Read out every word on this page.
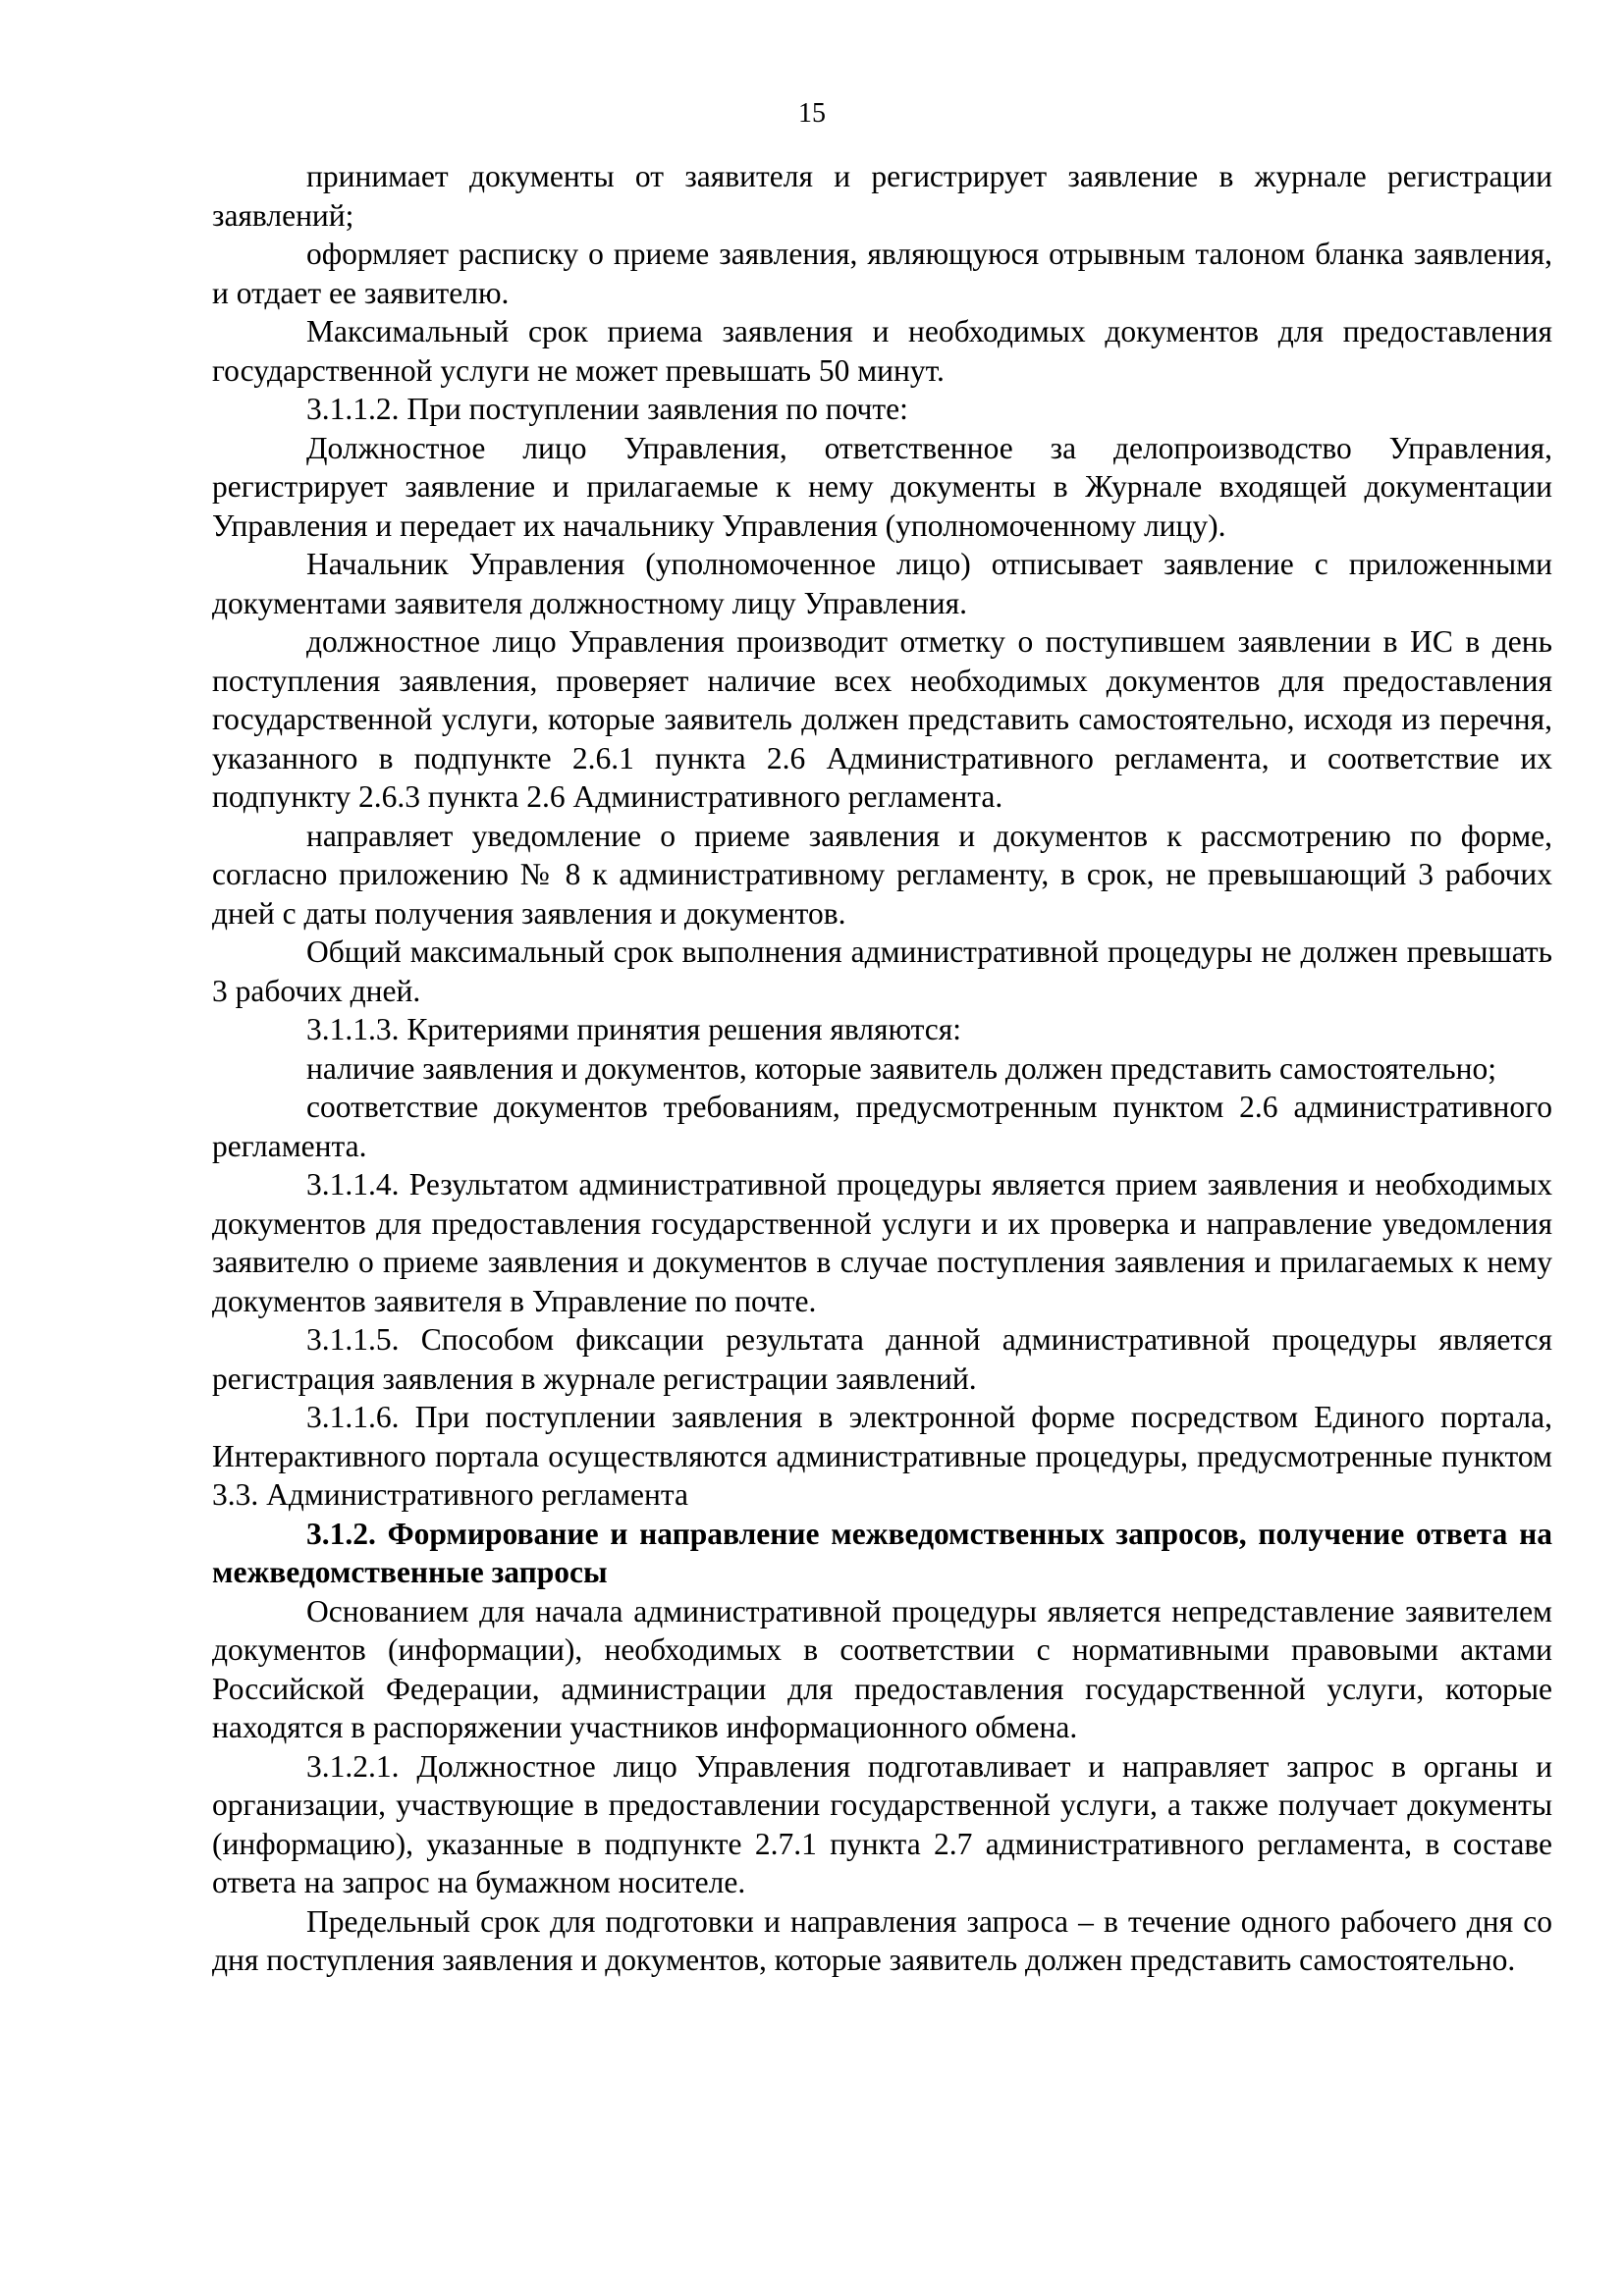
15

принимает документы от заявителя и регистрирует заявление в журнале регистрации заявлений;

оформляет расписку о приеме заявления, являющуюся отрывным талоном бланка заявления, и отдает ее заявителю.

Максимальный срок приема заявления и необходимых документов для предоставления государственной услуги не может превышать 50 минут.

3.1.1.2. При поступлении заявления по почте:

Должностное лицо Управления, ответственное за делопроизводство Управления, регистрирует заявление и прилагаемые к нему документы в Журнале входящей документации Управления и передает их начальнику Управления (уполномоченному лицу).

Начальник Управления (уполномоченное лицо) отписывает заявление с приложенными документами заявителя должностному лицу Управления.

должностное лицо Управления производит отметку о поступившем заявлении в ИС в день поступления заявления, проверяет наличие всех необходимых документов для предоставления государственной услуги, которые заявитель должен представить самостоятельно, исходя из перечня, указанного в подпункте 2.6.1 пункта 2.6 Административного регламента, и соответствие их подпункту 2.6.3 пункта 2.6 Административного регламента.

направляет уведомление о приеме заявления и документов к рассмотрению по форме, согласно приложению № 8 к административному регламенту, в срок, не превышающий 3 рабочих дней с даты получения заявления и документов.

Общий максимальный срок выполнения административной процедуры не должен превышать 3 рабочих дней.

3.1.1.3. Критериями принятия решения являются:

наличие заявления и документов, которые заявитель должен представить самостоятельно;

соответствие документов требованиям, предусмотренным пунктом 2.6 административного регламента.

3.1.1.4. Результатом административной процедуры является прием заявления и необходимых документов для предоставления государственной услуги и их проверка и направление уведомления заявителю о приеме заявления и документов в случае поступления заявления и прилагаемых к нему документов заявителя в Управление по почте.

3.1.1.5. Способом фиксации результата данной административной процедуры является регистрация заявления в журнале регистрации заявлений.

3.1.1.6. При поступлении заявления в электронной форме посредством Единого портала, Интерактивного портала осуществляются административные процедуры, предусмотренные пунктом 3.3. Административного регламента

3.1.2. Формирование и направление межведомственных запросов, получение ответа на межведомственные запросы

Основанием для начала административной процедуры является непредставление заявителем документов (информации), необходимых в соответствии с нормативными правовыми актами Российской Федерации, администрации для предоставления государственной услуги, которые находятся в распоряжении участников информационного обмена.

3.1.2.1. Должностное лицо Управления подготавливает и направляет запрос в органы и организации, участвующие в предоставлении государственной услуги, а также получает документы (информацию), указанные в подпункте 2.7.1 пункта 2.7 административного регламента, в составе ответа на запрос на бумажном носителе.

Предельный срок для подготовки и направления запроса – в течение одного рабочего дня со дня поступления заявления и документов, которые заявитель должен представить самостоятельно.
